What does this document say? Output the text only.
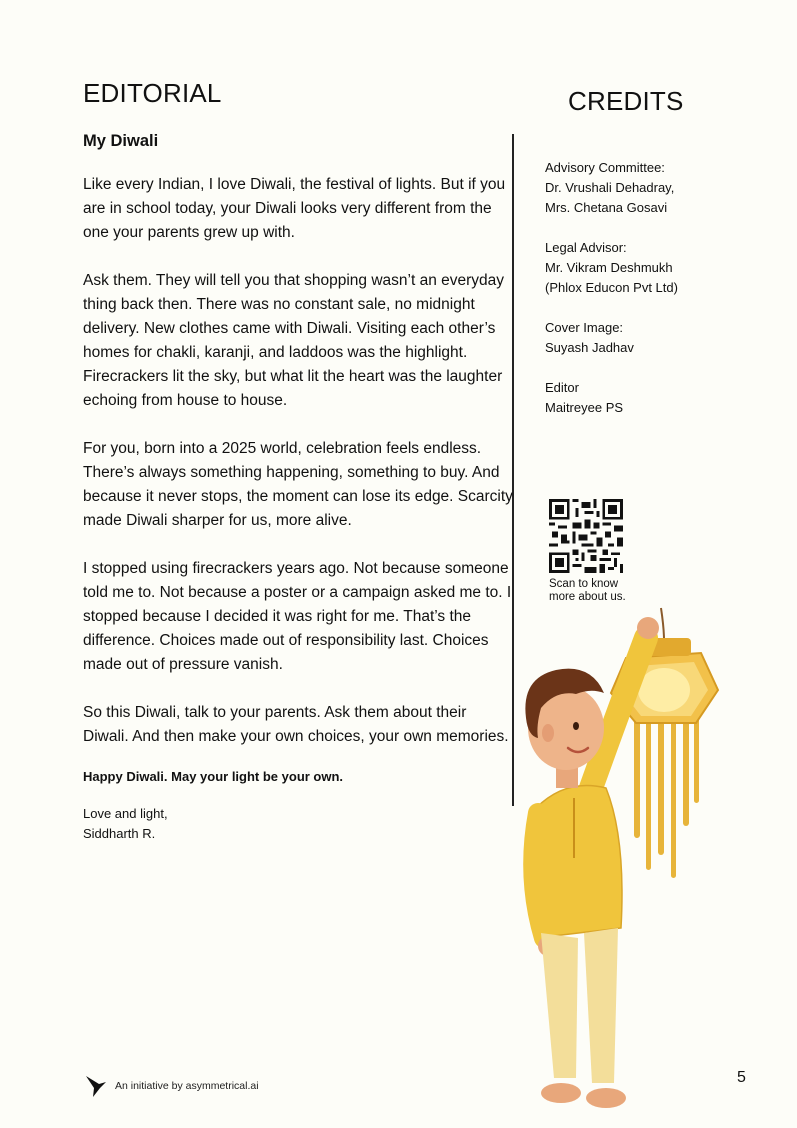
EDITORIAL	CREDITS
My Diwali

Like every Indian, I love Diwali, the festival of lights. But if you are in school today, your Diwali looks very different from the one your parents grew up with.

Ask them. They will tell you that shopping wasn’t an everyday thing back then. There was no constant sale, no midnight delivery. New clothes came with Diwali. Visiting each other’s homes for chakli, karanji, and laddoos was the highlight. Firecrackers lit the sky, but what lit the heart was the laughter echoing from house to house.

For you, born into a 2025 world, celebration feels endless. There’s always something happening, something to buy. And because it never stops, the moment can lose its edge. Scarcity made Diwali sharper for us, more alive.

I stopped using firecrackers years ago. Not because someone told me to. Not because a poster or a campaign asked me to. I stopped because I decided it was right for me. That’s the difference. Choices made out of responsibility last. Choices made out of pressure vanish.

So this Diwali, talk to your parents. Ask them about their Diwali. And then make your own choices, your own memories.

Happy Diwali. May your light be your own.
Love and light,
Siddharth R.
Advisory Committee:
Dr. Vrushali Dehadray,
Mrs. Chetana Gosavi
Legal Advisor:
Mr. Vikram Deshmukh
(Phlox Educon Pvt Ltd)
Cover Image:
Suyash Jadhav
Editor
Maitreyee PS
Scan to know more about us.
An initiative by asymmetrical.ai	5
